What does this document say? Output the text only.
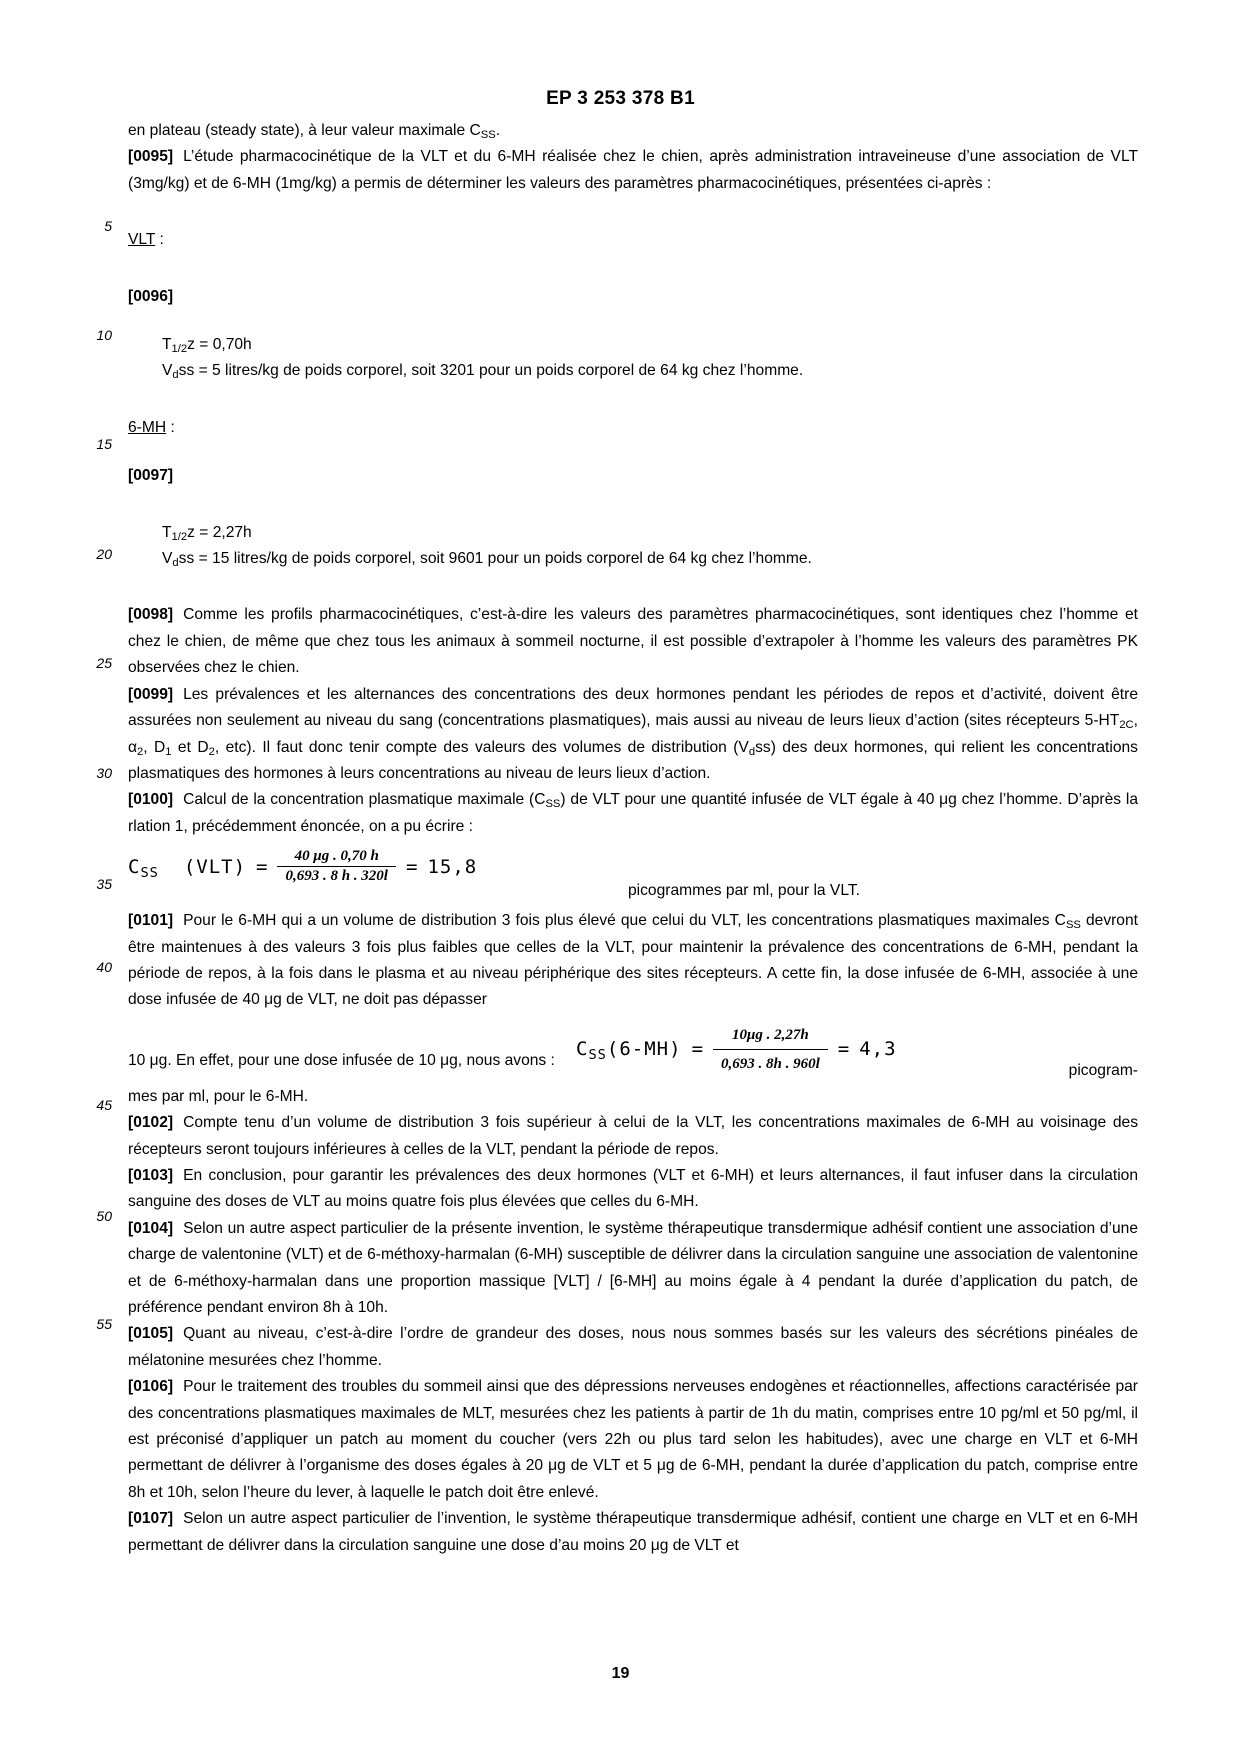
EP 3 253 378 B1
5
10
15
20
25
30
35
40
45
50
55

en plateau (steady state), à leur valeur maximale $C_{SS}$.

[0095] L’étude pharmacocinétique de la VLT et du 6-MH réalisée chez le chien, après administration intraveineuse d’une association de VLT (3mg/kg) et de 6-MH (1mg/kg) a permis de déterminer les valeurs des paramètres pharmacocinétiques, présentées ci-après :

VLT :

[0096]

$T_{1/2}z = 0,70h$

$V_dss = 5$ litres/kg de poids corporel, soit 3201 pour un poids corporel de 64 kg chez l’homme.

6-MH :

[0097]

$T_{1/2}z = 2,27h$

$V_dss = 15$ litres/kg de poids corporel, soit 9601 pour un poids corporel de 64 kg chez l’homme.

[0098] Comme les profils pharmacocinétiques, c’est-à-dire les valeurs des paramètres pharmacocinétiques, sont identiques chez l’homme et chez le chien, de même que chez tous les animaux à sommeil nocturne, il est possible d’extrapoler à l’homme les valeurs des paramètres PK observées chez le chien.

[0099] Les prévalences et les alternances des concentrations des deux hormones pendant les périodes de repos et d’activité, doivent être assurées non seulement au niveau du sang (concentrations plasmatiques), mais aussi au niveau de leurs lieux d’action (sites récepteurs $5-HT_{2C}$, $\alpha_2$, $D_1$ et $D_2$, etc). Il faut donc tenir compte des valeurs des volumes de distribution $(V_dss)$ des deux hormones, qui relient les concentrations plasmatiques des hormones à leurs concentrations au niveau de leurs lieux d’action.

[0100] Calcul de la concentration plasmatique maximale $(C_{SS})$ de VLT pour une quantité infusée de VLT égale à 40 μg chez l’homme. D’après la rlation 1, précédemment énoncée, on a pu écrire :

$C_{SS}$ $(VLT) = \frac{40 \mu g . 0,70 h}{0,693 . 8 h . 320l} = 15,8$
picogrammes par ml, pour la VLT.

[0101] Pour le 6-MH qui a un volume de distribution 3 fois plus élevé que celui du VLT, les concentrations plasmatiques maximales $C_{SS}$ devront être maintenues à des valeurs 3 fois plus faibles que celles de la VLT, pour maintenir la prévalence des concentrations de 6-MH, pendant la période de repos, à la fois dans le plasma et au niveau périphérique des sites récepteurs. A cette fin, la dose infusée de 6-MH, associée à une dose infusée de 40 μg de VLT, ne doit pas dépasser

10 μg. En effet, pour une dose infusée de 10 μg, nous avons : $C_{SS}(6-MH) = \frac{10\mu g . 2,27h}{0,693 . 8h . 960l} = 4,3$
picogram-

mes par ml, pour le 6-MH.

[0102] Compte tenu d’un volume de distribution 3 fois supérieur à celui de la VLT, les concentrations maximales de 6-MH au voisinage des récepteurs seront toujours inférieures à celles de la VLT, pendant la période de repos.

[0103] En conclusion, pour garantir les prévalences des deux hormones (VLT et 6-MH) et leurs alternances, il faut infuser dans la circulation sanguine des doses de VLT au moins quatre fois plus élevées que celles du 6-MH.

[0104] Selon un autre aspect particulier de la présente invention, le système thérapeutique transdermique adhésif contient une association d’une charge de valentonine (VLT) et de 6-méthoxy-harmalan (6-MH) susceptible de délivrer dans la circulation sanguine une association de valentonine et de 6-méthoxy-harmalan dans une proportion massique [VLT] / [6-MH] au moins égale à 4 pendant la durée d’application du patch, de préférence pendant environ 8h à 10h.

[0105] Quant au niveau, c’est-à-dire l’ordre de grandeur des doses, nous nous sommes basés sur les valeurs des sécrétions pinéales de mélatonine mesurées chez l’homme.

[0106] Pour le traitement des troubles du sommeil ainsi que des dépressions nerveuses endogènes et réactionnelles, affections caractérisée par des concentrations plasmatiques maximales de MLT, mesurées chez les patients à partir de 1h du matin, comprises entre 10 pg/ml et 50 pg/ml, il est préconisé d’appliquer un patch au moment du coucher (vers 22h ou plus tard selon les habitudes), avec une charge en VLT et 6-MH permettant de délivrer à l’organisme des doses égales à 20 μg de VLT et 5 μg de 6-MH, pendant la durée d’application du patch, comprise entre 8h et 10h, selon l’heure du lever, à laquelle le patch doit être enlevé.

[0107] Selon un autre aspect particulier de l’invention, le système thérapeutique transdermique adhésif, contient une charge en VLT et en 6-MH permettant de délivrer dans la circulation sanguine une dose d’au moins 20 μg de VLT et

19
